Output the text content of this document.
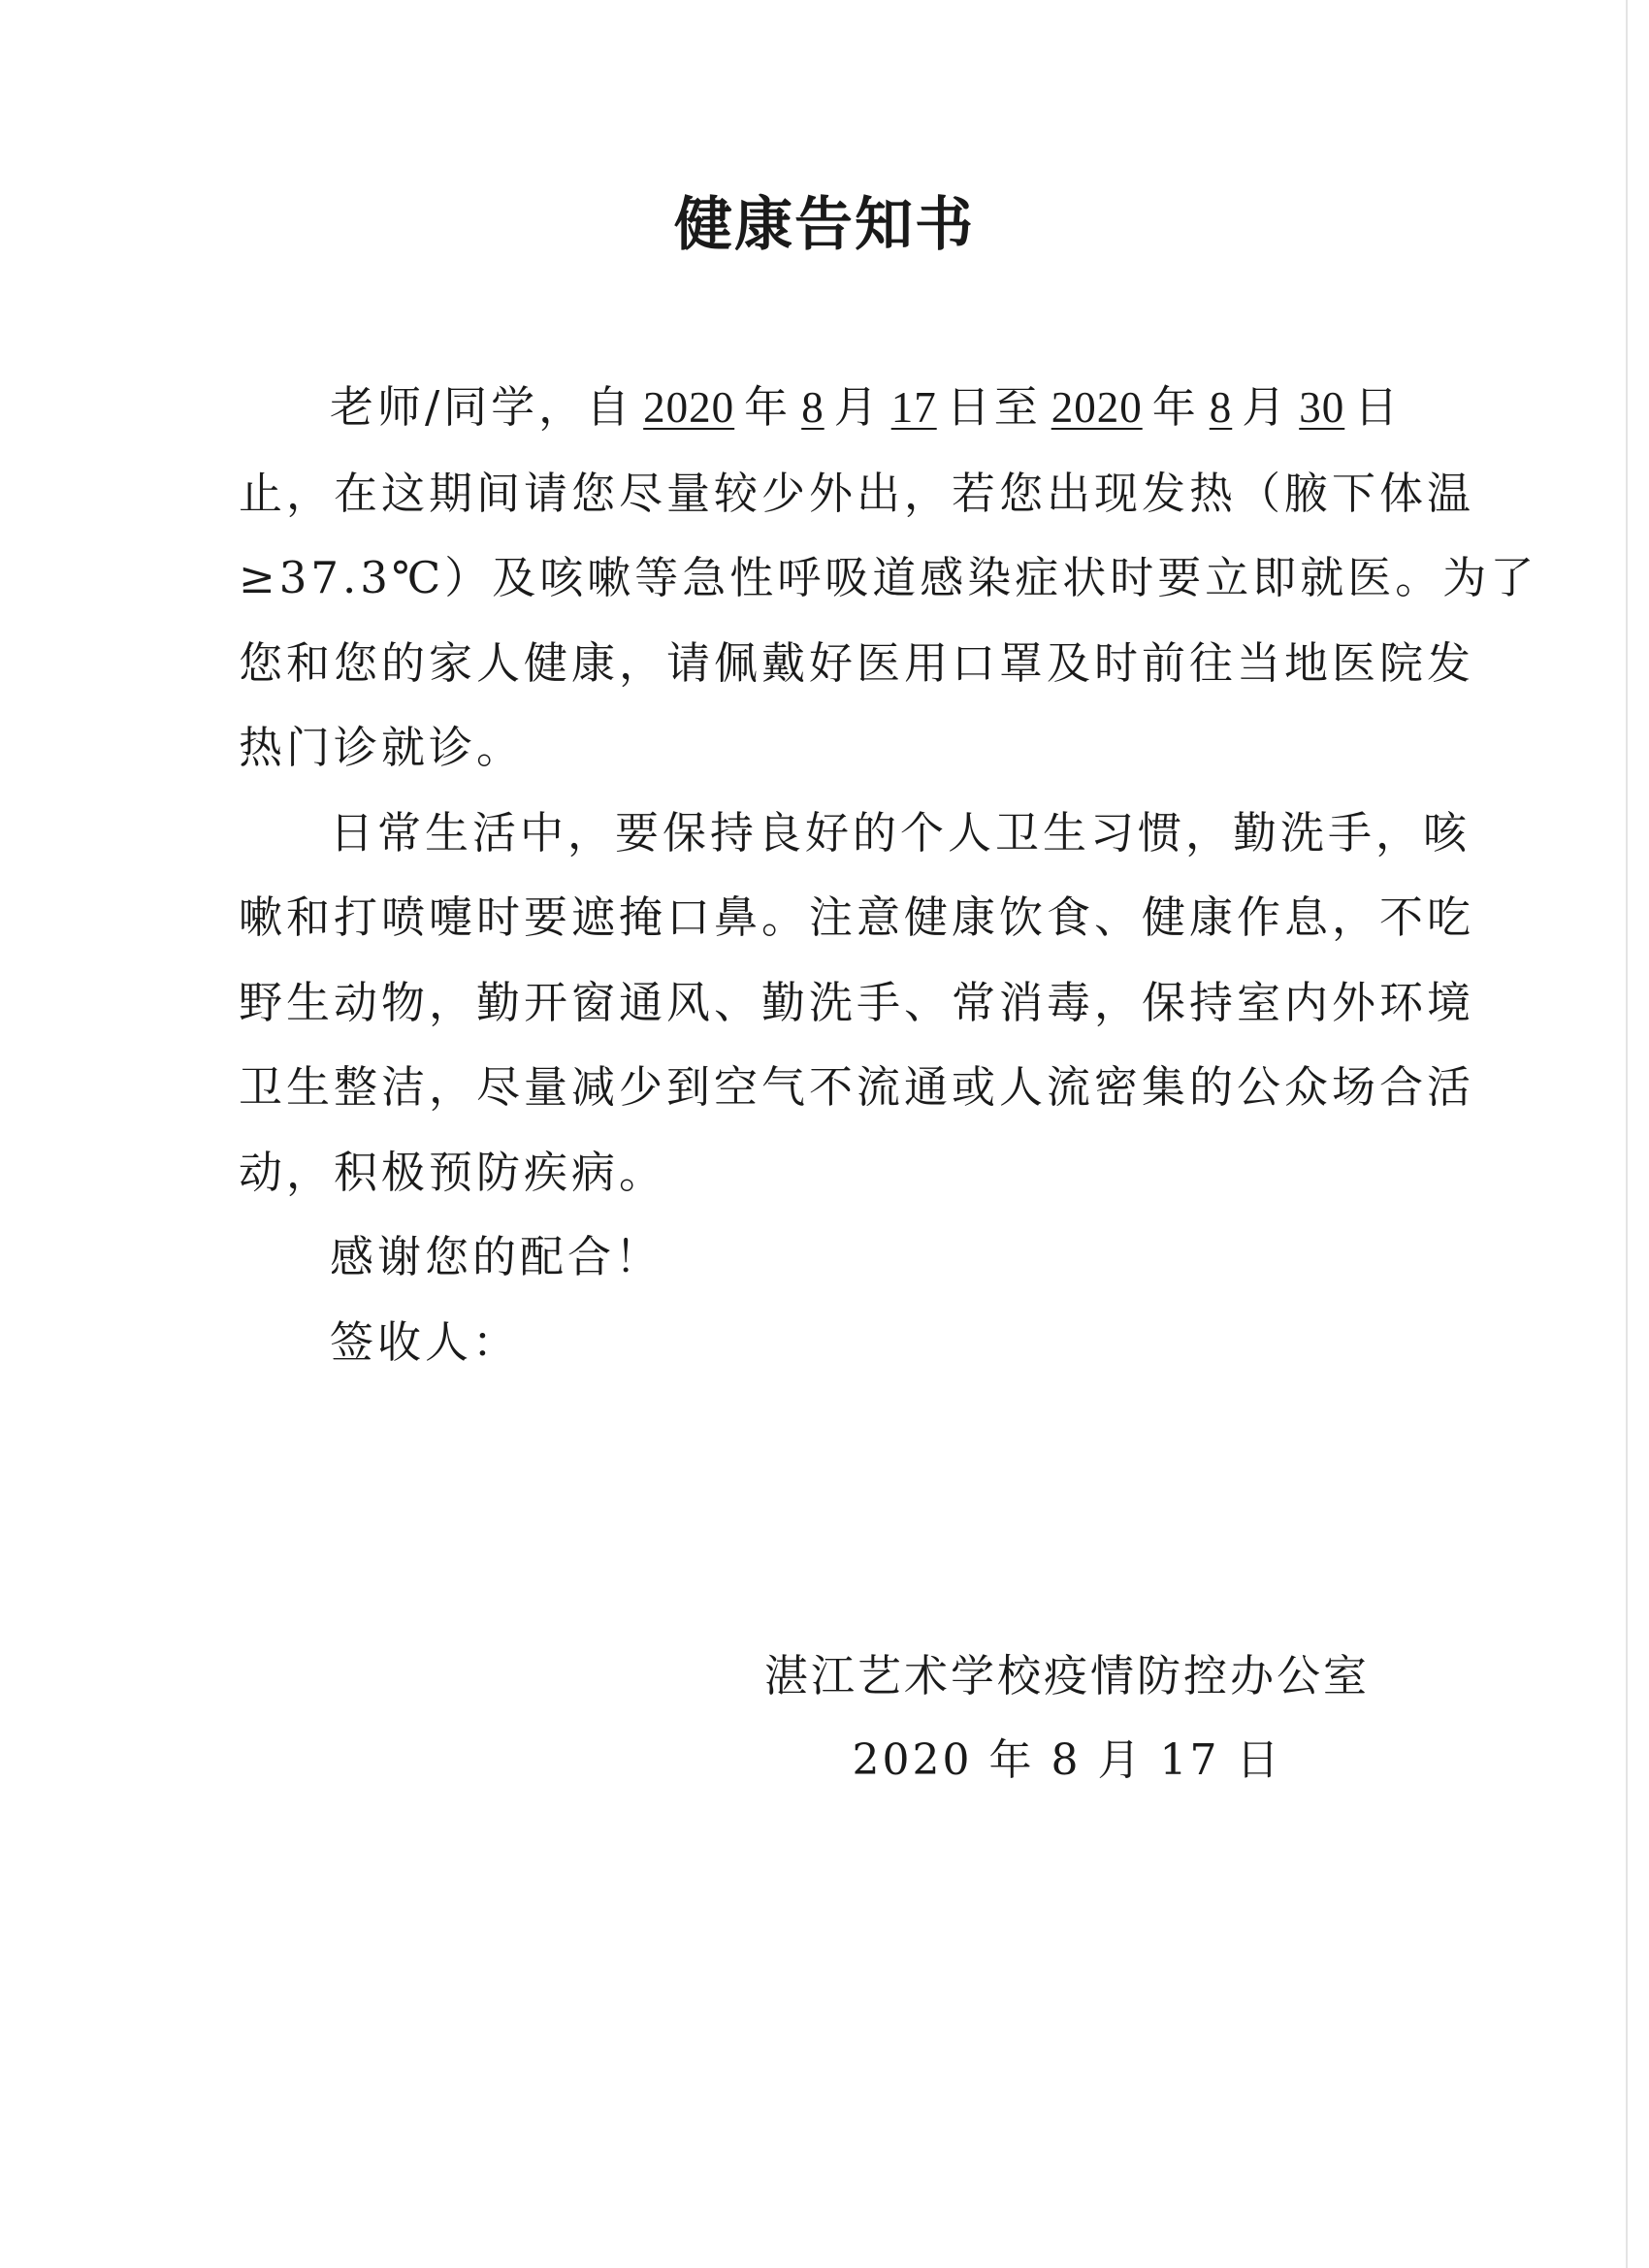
健康告知书

老师/同学，自 2020 年 8 月 17 日至 2020 年 8 月 30 日

止，在这期间请您尽量较少外出，若您出现发热（腋下体温
≥37.3℃）及咳嗽等急性呼吸道感染症状时要立即就医。为了
您和您的家人健康，请佩戴好医用口罩及时前往当地医院发
热门诊就诊。

日常生活中，要保持良好的个人卫生习惯，勤洗手，咳

嗽和打喷嚏时要遮掩口鼻。注意健康饮食、健康作息，不吃
野生动物，勤开窗通风、勤洗手、常消毒，保持室内外环境
卫生整洁，尽量减少到空气不流通或人流密集的公众场合活
动，积极预防疾病。

感谢您的配合！

签收人：

湛江艺术学校疫情防控办公室
2020 年 8 月 17 日
